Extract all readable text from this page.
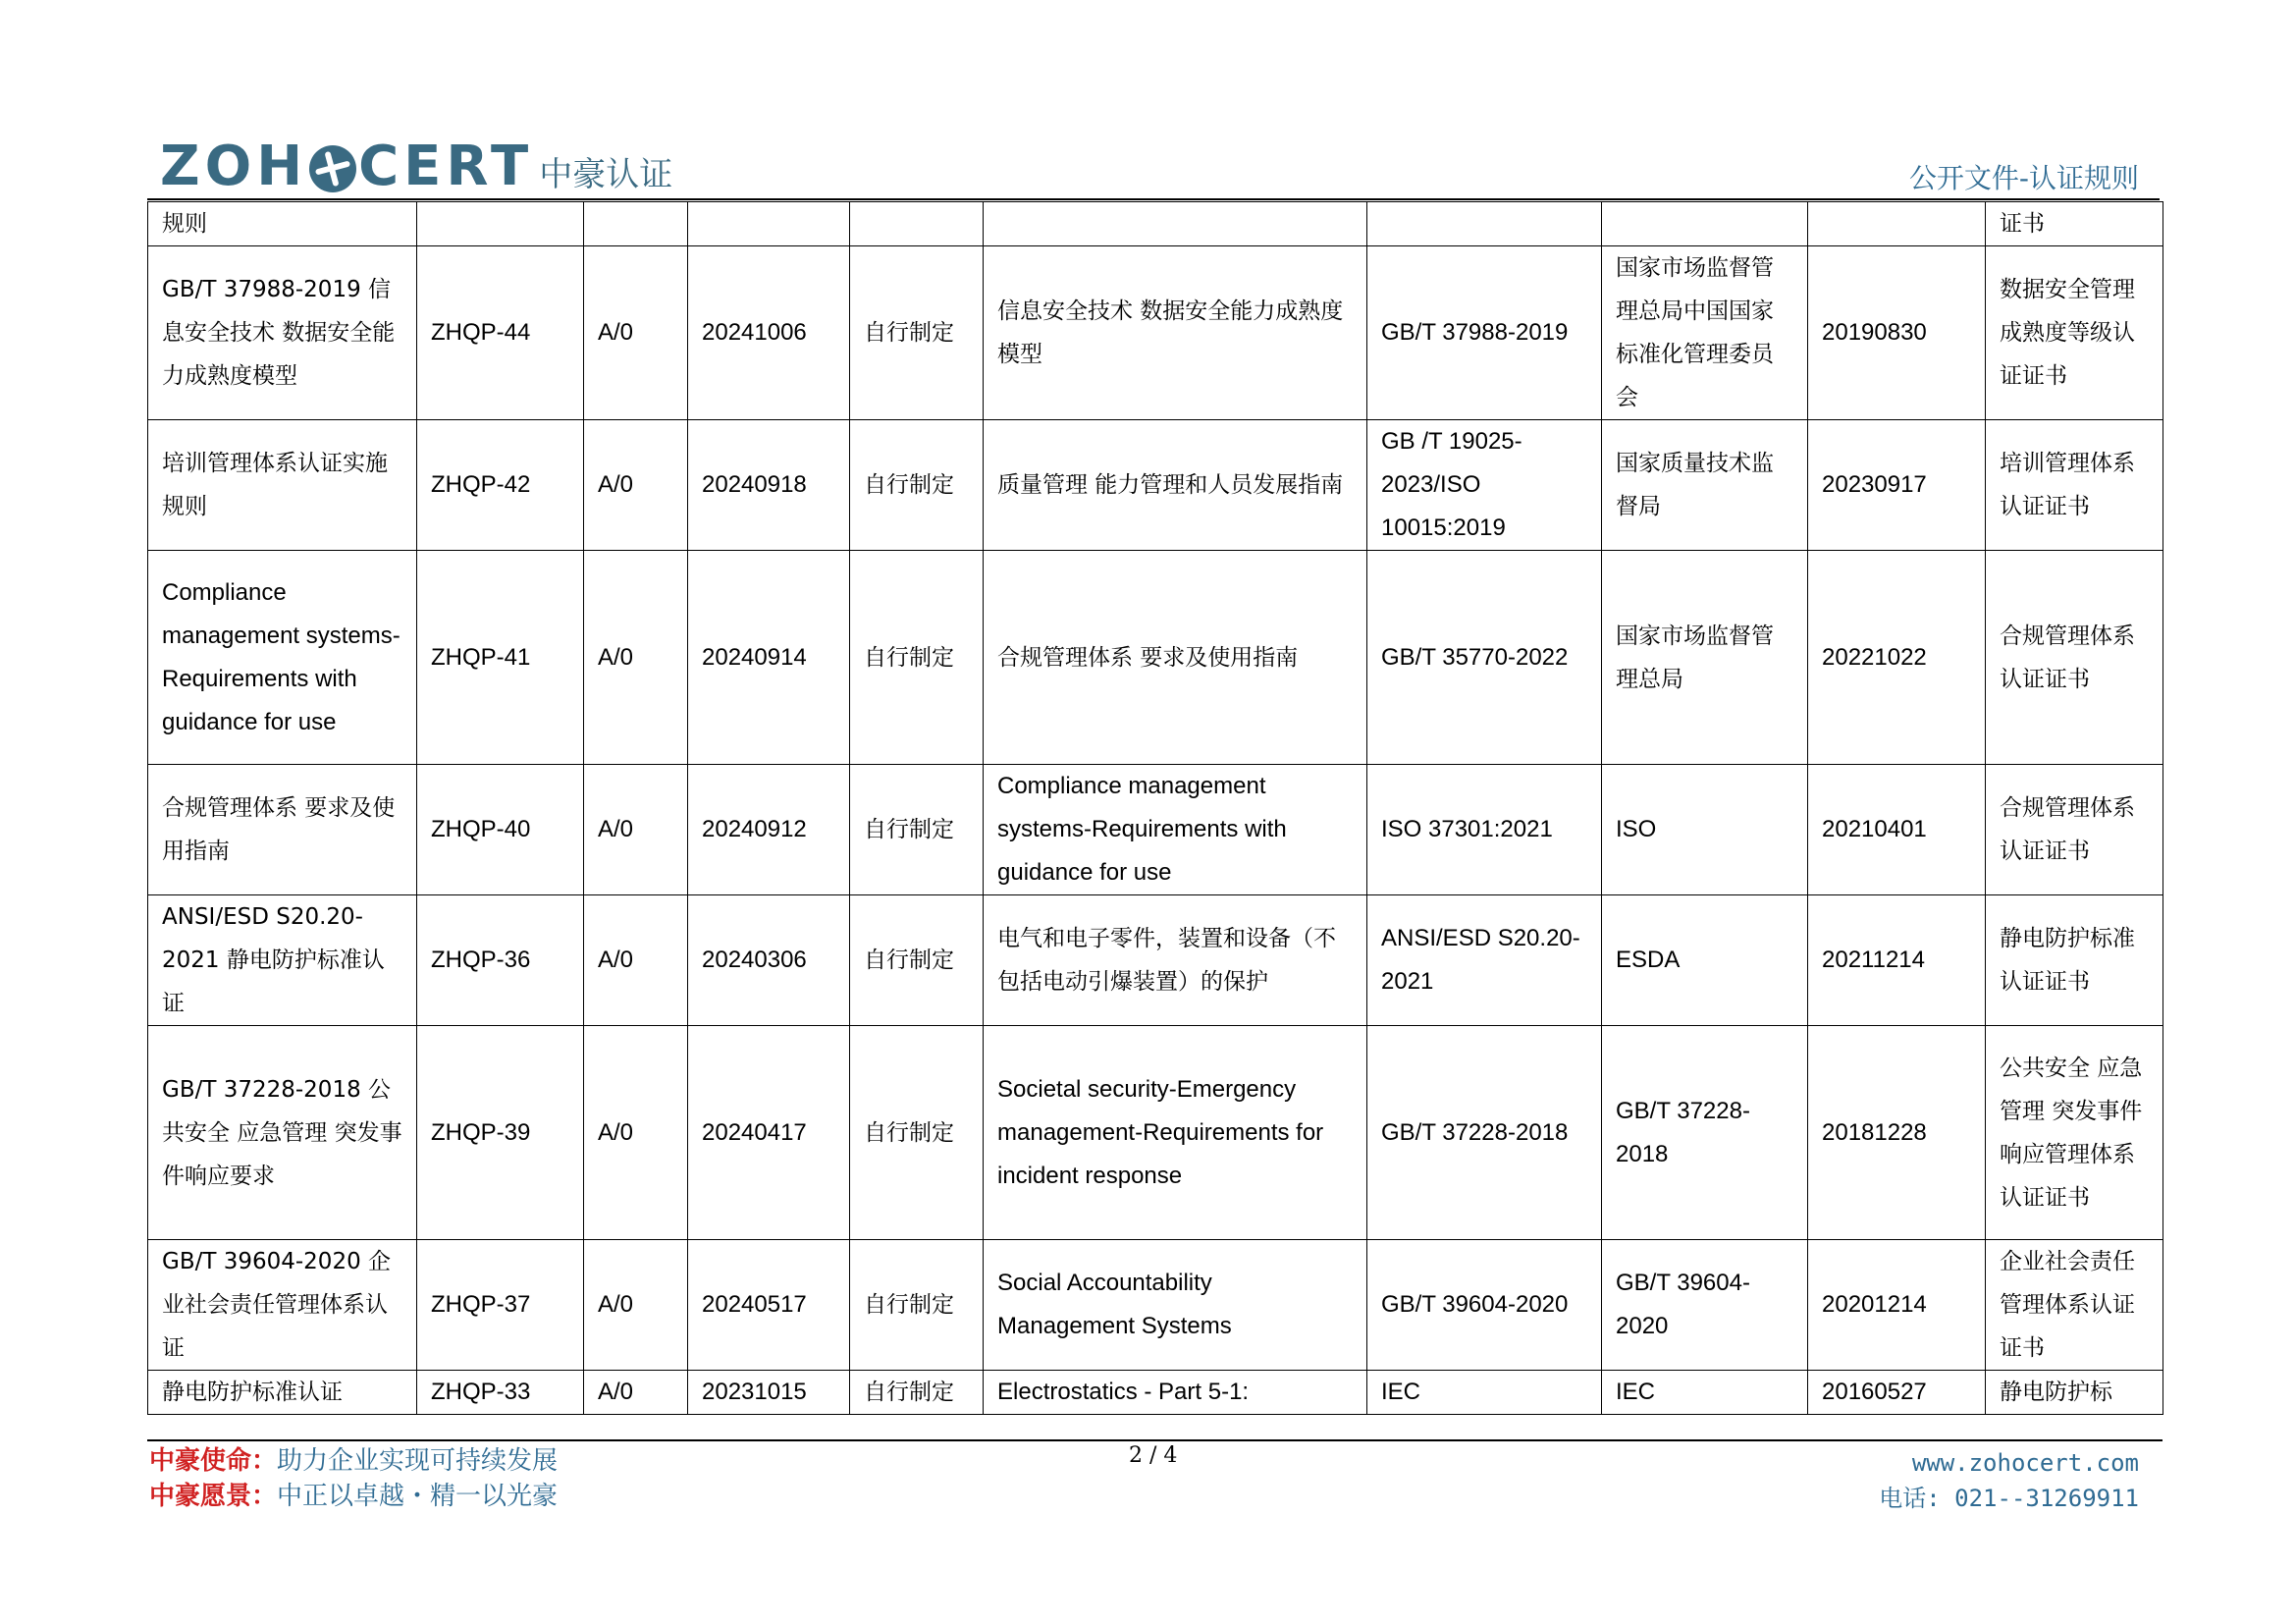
ZOH CERT 中豪认证	公开文件-认证规则
规则									证书
GB/T 37988-2019 信息安全技术 数据安全能力成熟度模型	ZHQP-44	A/0	20241006	自行制定	信息安全技术 数据安全能力成熟度模型	GB/T 37988-2019	国家市场监督管理总局中国国家标准化管理委员会	20190830	数据安全管理成熟度等级认证证书
培训管理体系认证实施规则	ZHQP-42	A/0	20240918	自行制定	质量管理 能力管理和人员发展指南	GB /T 19025-2023/ISO 10015:2019	国家质量技术监督局	20230917	培训管理体系认证证书
Compliance management systems-Requirements with guidance for use	ZHQP-41	A/0	20240914	自行制定	合规管理体系 要求及使用指南	GB/T 35770-2022	国家市场监督管理总局	20221022	合规管理体系认证证书
合规管理体系 要求及使用指南	ZHQP-40	A/0	20240912	自行制定	Compliance management systems-Requirements with guidance for use	ISO 37301:2021	ISO	20210401	合规管理体系认证证书
ANSI/ESD S20.20-2021 静电防护标准认证	ZHQP-36	A/0	20240306	自行制定	电气和电子零件，装置和设备（不包括电动引爆装置）的保护	ANSI/ESD S20.20-2021	ESDA	20211214	静电防护标准认证证书
GB/T 37228-2018 公共安全 应急管理 突发事件响应要求	ZHQP-39	A/0	20240417	自行制定	Societal security-Emergency management-Requirements for incident response	GB/T 37228-2018	GB/T 37228-2018	20181228	公共安全 应急管理 突发事件响应管理体系认证证书
GB/T 39604-2020 企业社会责任管理体系认证	ZHQP-37	A/0	20240517	自行制定	Social Accountability Management Systems	GB/T 39604-2020	GB/T 39604-2020	20201214	企业社会责任管理体系认证证书
静电防护标准认证	ZHQP-33	A/0	20231015	自行制定	Electrostatics - Part 5-1:	IEC	IEC	20160527	静电防护标
中豪使命：助力企业实现可持续发展
中豪愿景：中正以卓越・精一以光豪
2 / 4	www.zohocert.com
电话: 021--31269911
